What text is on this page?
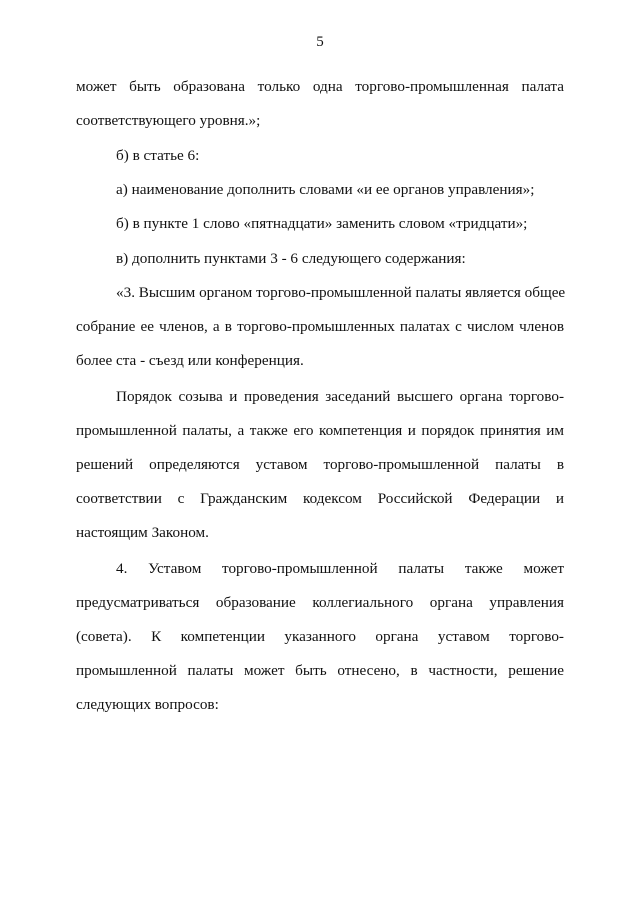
5
может быть образована только одна торгово-промышленная палата
соответствующего уровня.»;
б) в статье 6:
а) наименование дополнить словами «и ее органов управления»;
б) в пункте 1 слово «пятнадцати» заменить словом «тридцати»;
в) дополнить пунктами 3 - 6 следующего содержания:
«3. Высшим органом торгово-промышленной палаты является общее
собрание ее членов, а в торгово-промышленных палатах с числом членов
более ста - съезд или конференция.
Порядок созыва и проведения заседаний высшего органа торгово-
промышленной палаты, а также его компетенция и порядок принятия им
решений определяются уставом торгово-промышленной палаты в
соответствии с Гражданским кодексом Российской Федерации и
настоящим Законом.
4. Уставом торгово-промышленной палаты также может
предусматриваться образование коллегиального органа управления
(совета). К компетенции указанного органа уставом торгово-
промышленной палаты может быть отнесено, в частности, решение
следующих вопросов:
